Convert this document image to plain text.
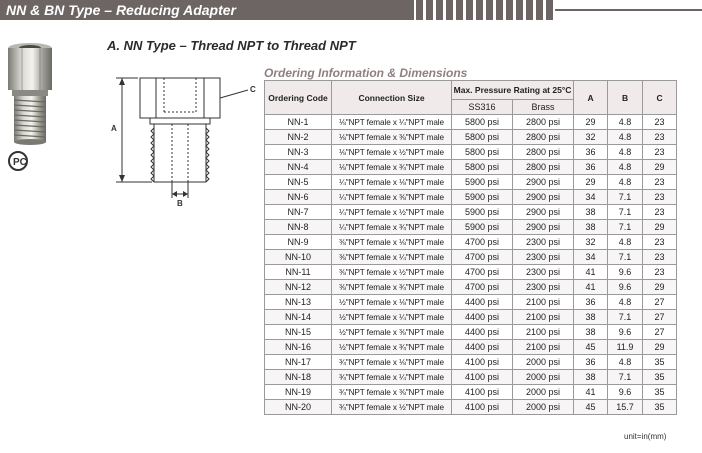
NN & BN Type – Reducing Adapter
A. NN Type – Thread NPT to Thread NPT
PC
A
B
C
Ordering Information & Dimensions
Ordering Code	Connection Size	Max. Pressure Rating at 25°C		A	B	C
		SS316	Brass			
NN-1	⅛"NPT female x ¼"NPT male	5800 psi	2800 psi	29	4.8	23
NN-2	⅛"NPT female x ⅜"NPT male	5800 psi	2800 psi	32	4.8	23
NN-3	⅛"NPT female x ½"NPT male	5800 psi	2800 psi	36	4.8	23
NN-4	⅛"NPT female x ¾"NPT male	5800 psi	2800 psi	36	4.8	29
NN-5	¼"NPT female x ⅛"NPT male	5900 psi	2900 psi	29	4.8	23
NN-6	¼"NPT female x ⅜"NPT male	5900 psi	2900 psi	34	7.1	23
NN-7	¼"NPT female x ½"NPT male	5900 psi	2900 psi	38	7.1	23
NN-8	¼"NPT female x ¾"NPT male	5900 psi	2900 psi	38	7.1	29
NN-9	⅜"NPT female x ⅛"NPT male	4700 psi	2300 psi	32	4.8	23
NN-10	⅜"NPT female x ¼"NPT male	4700 psi	2300 psi	34	7.1	23
NN-11	⅜"NPT female x ½"NPT male	4700 psi	2300 psi	41	9.6	23
NN-12	⅜"NPT female x ¾"NPT male	4700 psi	2300 psi	41	9.6	29
NN-13	½"NPT female x ⅛"NPT male	4400 psi	2100 psi	36	4.8	27
NN-14	½"NPT female x ¼"NPT male	4400 psi	2100 psi	38	7.1	27
NN-15	½"NPT female x ⅜"NPT male	4400 psi	2100 psi	38	9.6	27
NN-16	½"NPT female x ¾"NPT male	4400 psi	2100 psi	45	11.9	29
NN-17	¾"NPT female x ⅛"NPT male	4100 psi	2000 psi	36	4.8	35
NN-18	¾"NPT female x ¼"NPT male	4100 psi	2000 psi	38	7.1	35
NN-19	¾"NPT female x ⅜"NPT male	4100 psi	2000 psi	41	9.6	35
NN-20	¾"NPT female x ½"NPT male	4100 psi	2000 psi	45	15.7	35
unit=in(mm)
